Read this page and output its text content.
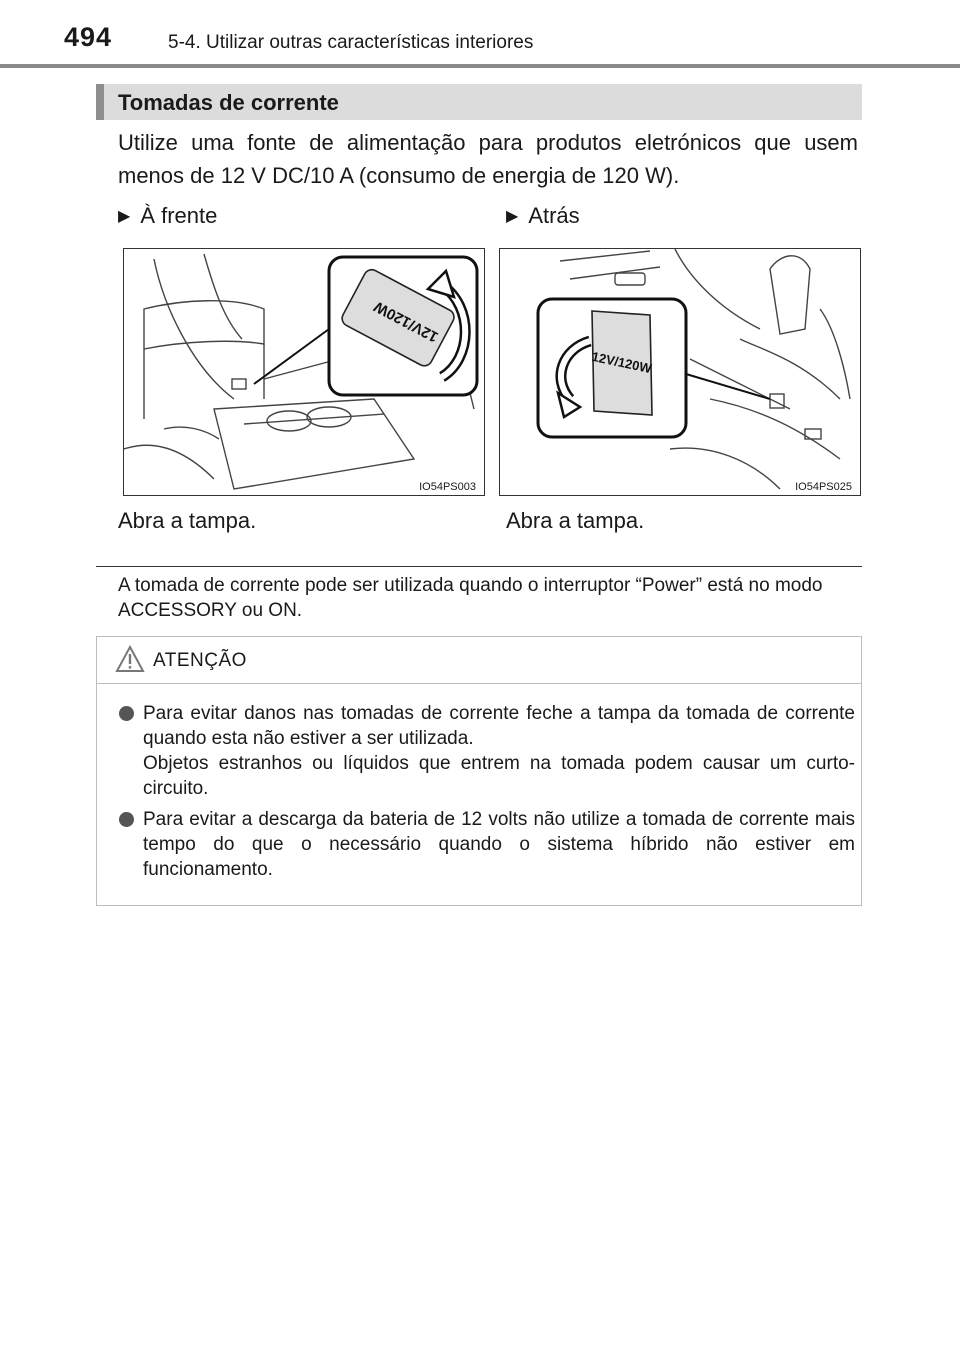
494	5-4. Utilizar outras características interiores
Tomadas de corrente
Utilize uma fonte de alimentação para produtos eletrónicos que usem menos de 12 V DC/10 A (consumo de energia de 120 W).
▶ À frente	▶ Atrás
12V/120W
IO54PS003
12V/120W
IO54PS025
Abra a tampa.	Abra a tampa.
A tomada de corrente pode ser utilizada quando o interruptor “Power” está no modo ACCESSORY ou ON.
ATENÇÃO

Para evitar danos nas tomadas de corrente feche a tampa da tomada de corrente quando esta não estiver a ser utilizada.

Objetos estranhos ou líquidos que entrem na tomada podem causar um curto-circuito.

Para evitar a descarga da bateria de 12 volts não utilize a tomada de corrente mais tempo do que o necessário quando o sistema híbrido não estiver em funcionamento.
